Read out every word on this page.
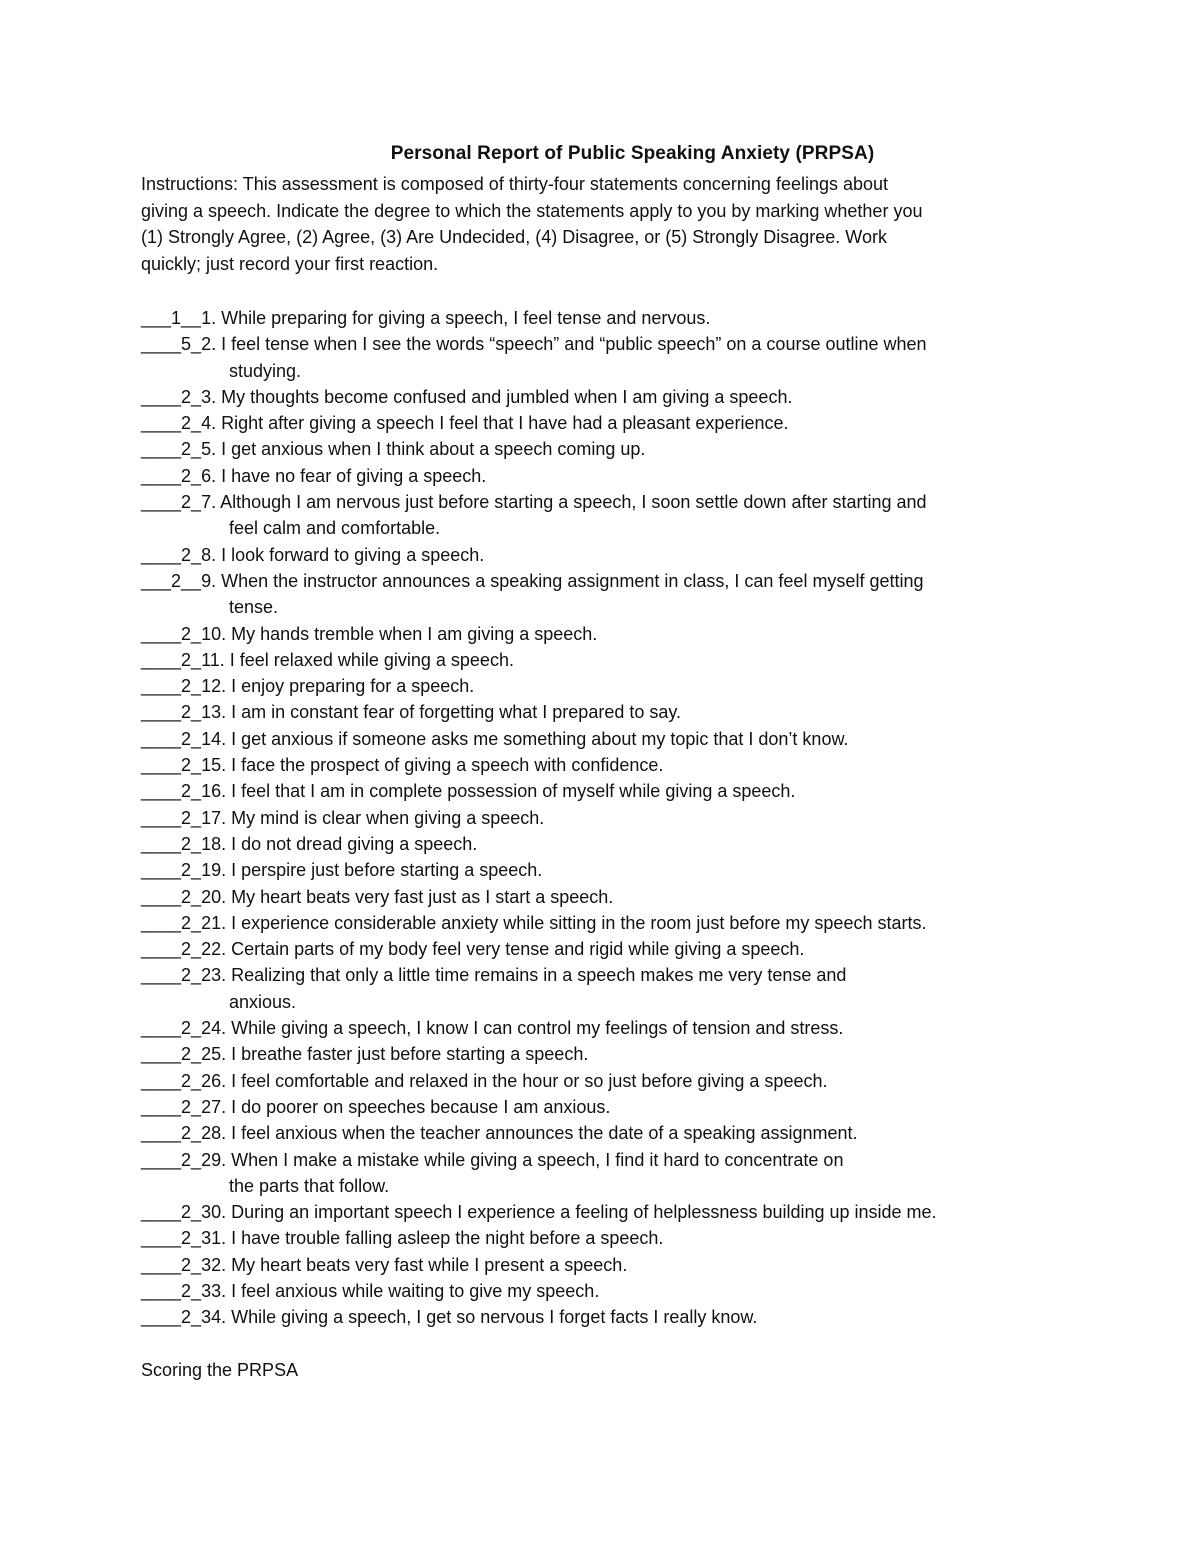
Personal Report of Public Speaking Anxiety (PRPSA)
Instructions: This assessment is composed of thirty-four statements concerning feelings about
giving a speech. Indicate the degree to which the statements apply to you by marking whether you
(1) Strongly Agree, (2) Agree, (3) Are Undecided, (4) Disagree, or (5) Strongly Disagree. Work
quickly; just record your first reaction.
___1__1. While preparing for giving a speech, I feel tense and nervous.
____5_2. I feel tense when I see the words “speech” and “public speech” on a course outline when
studying.
____2_3. My thoughts become confused and jumbled when I am giving a speech.
____2_4. Right after giving a speech I feel that I have had a pleasant experience.
____2_5. I get anxious when I think about a speech coming up.
____2_6. I have no fear of giving a speech.
____2_7. Although I am nervous just before starting a speech, I soon settle down after starting and
feel calm and comfortable.
____2_8. I look forward to giving a speech.
___2__9. When the instructor announces a speaking assignment in class, I can feel myself getting
tense.
____2_10. My hands tremble when I am giving a speech.
____2_11. I feel relaxed while giving a speech.
____2_12. I enjoy preparing for a speech.
____2_13. I am in constant fear of forgetting what I prepared to say.
____2_14. I get anxious if someone asks me something about my topic that I don’t know.
____2_15. I face the prospect of giving a speech with confidence.
____2_16. I feel that I am in complete possession of myself while giving a speech.
____2_17. My mind is clear when giving a speech.
____2_18. I do not dread giving a speech.
____2_19. I perspire just before starting a speech.
____2_20. My heart beats very fast just as I start a speech.
____2_21. I experience considerable anxiety while sitting in the room just before my speech starts.
____2_22. Certain parts of my body feel very tense and rigid while giving a speech.
____2_23. Realizing that only a little time remains in a speech makes me very tense and
anxious.
____2_24. While giving a speech, I know I can control my feelings of tension and stress.
____2_25. I breathe faster just before starting a speech.
____2_26. I feel comfortable and relaxed in the hour or so just before giving a speech.
____2_27. I do poorer on speeches because I am anxious.
____2_28. I feel anxious when the teacher announces the date of a speaking assignment.
____2_29. When I make a mistake while giving a speech, I find it hard to concentrate on
the parts that follow.
____2_30. During an important speech I experience a feeling of helplessness building up inside me.
____2_31. I have trouble falling asleep the night before a speech.
____2_32. My heart beats very fast while I present a speech.
____2_33. I feel anxious while waiting to give my speech.
____2_34. While giving a speech, I get so nervous I forget facts I really know.
Scoring the PRPSA
